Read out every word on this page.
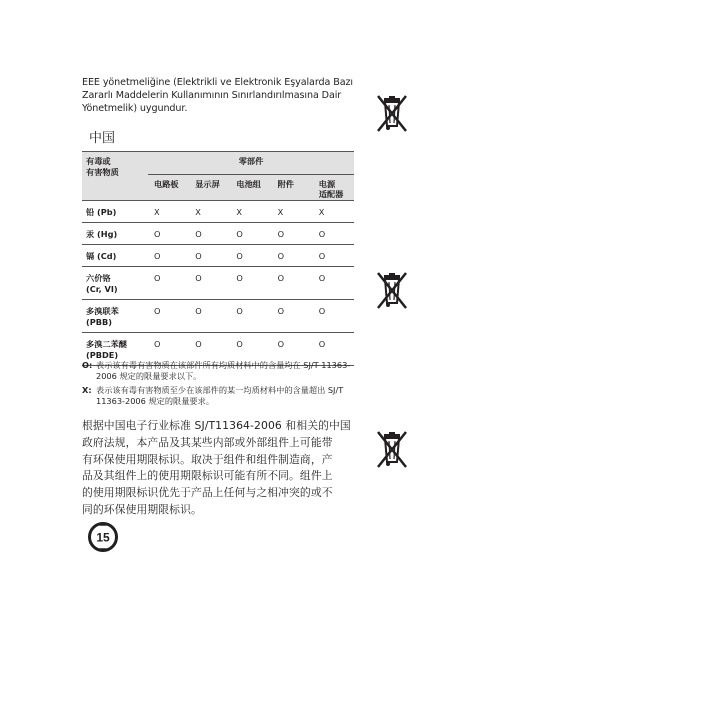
EEE yönetmeliğine (Elektrikli ve Elektronik Eşyalarda Bazı
Zararlı Maddelerin Kullanımının Sınırlandırılmasına Dair
Yönetmelik) uygundur.
中国
有毒或
有害物质	零部件				
	电路板	显示屏	电池组	附件	电源
适配器
铅 (Pb)	X	X	X	X	X
汞 (Hg)	O	O	O	O	O
镉 (Cd)	O	O	O	O	O
六价铬
(Cr, VI)	O	O	O	O	O
多溴联苯
(PBB)	O	O	O	O	O
多溴二苯醚
(PBDE)	O	O	O	O	O
O: 表示该有毒有害物质在该部件所有均质材料中的含量均在 SJ/T 11363-2006 规定的限量要求以下。
X: 表示该有毒有害物质至少在该部件的某一均质材料中的含量超出 SJ/T 11363-2006 规定的限量要求。
根据中国电子行业标准 SJ/T11364-2006 和相关的中国
政府法规，本产品及其某些内部或外部组件上可能带
有环保使用期限标识。取决于组件和组件制造商，产
品及其组件上的使用期限标识可能有所不同。组件上
的使用期限标识优先于产品上任何与之相冲突的或不
同的环保使用期限标识。
15
